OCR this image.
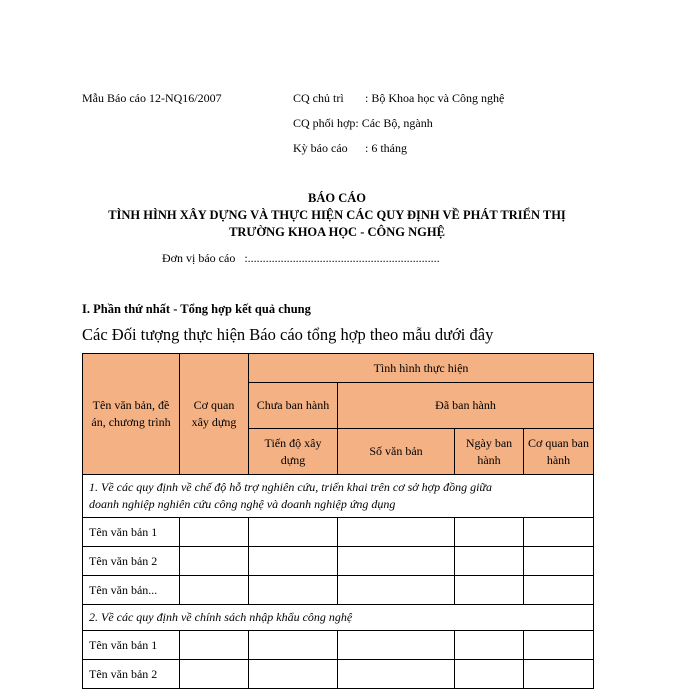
Mẫu Báo cáo 12-NQ16/2007	CQ chủ trì : Bộ Khoa học và Công nghệ
CQ phối hợp: Các Bộ, ngành
Kỳ báo cáo : 6 tháng
BÁO CÁO
TÌNH HÌNH XÂY DỰNG VÀ THỰC HIỆN CÁC QUY ĐỊNH VỀ PHÁT TRIỂN THỊ
TRƯỜNG KHOA HỌC - CÔNG NGHỆ
Đơn vị báo cáo :................................................................
I. Phần thứ nhất - Tổng hợp kết quả chung
Các Đối tượng thực hiện Báo cáo tổng hợp theo mẫu dưới đây
Tên văn bản, đề án, chương trình	Cơ quan xây dựng	Tình hình thực hiện			
		Chưa ban hành	Đã ban hành		
		Tiến độ xây dựng	Số văn bản	Ngày ban hành	Cơ quan ban hành

1. Về các quy định về chế độ hỗ trợ nghiên cứu, triển khai trên cơ sở hợp đồng giữa
doanh nghiệp nghiên cứu công nghệ và doanh nghiệp ứng dụng					

Tên văn bản 1					
Tên văn bản 2					
Tên văn bản...					

2. Về các quy định về chính sách nhập khẩu công nghệ					

Tên văn bản 1					
Tên văn bản 2					
